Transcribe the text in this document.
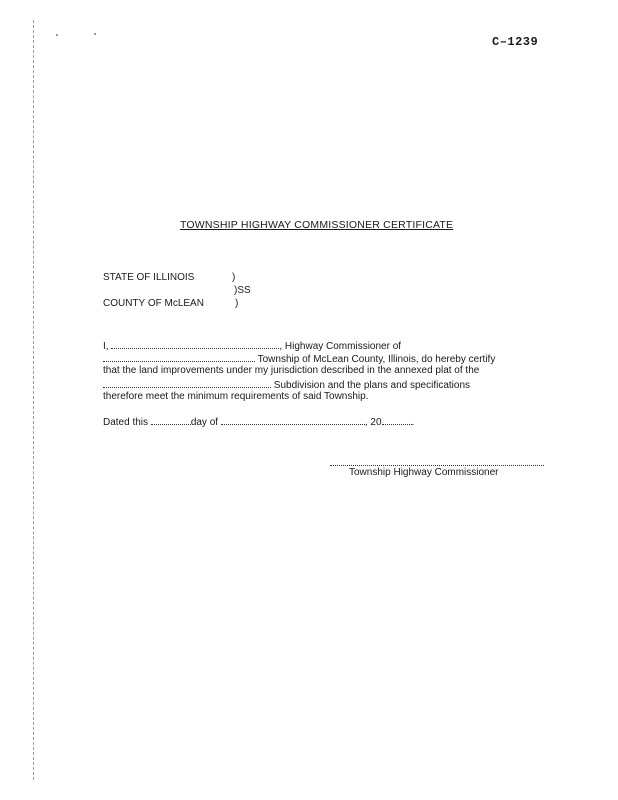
C–1239
TOWNSHIP HIGHWAY COMMISSIONER CERTIFICATE
STATE OF ILLINOIS	)
)SS
COUNTY OF McLEAN	)
I,	, Highway Commissioner of
Township of McLean County, Illinois, do hereby certify
that the land improvements under my jurisdiction described in the annexed plat of the
Subdivision and the plans and specifications
therefore meet the minimum requirements of said Township.
Dated this	day of	, 20	.
Township Highway Commissioner
